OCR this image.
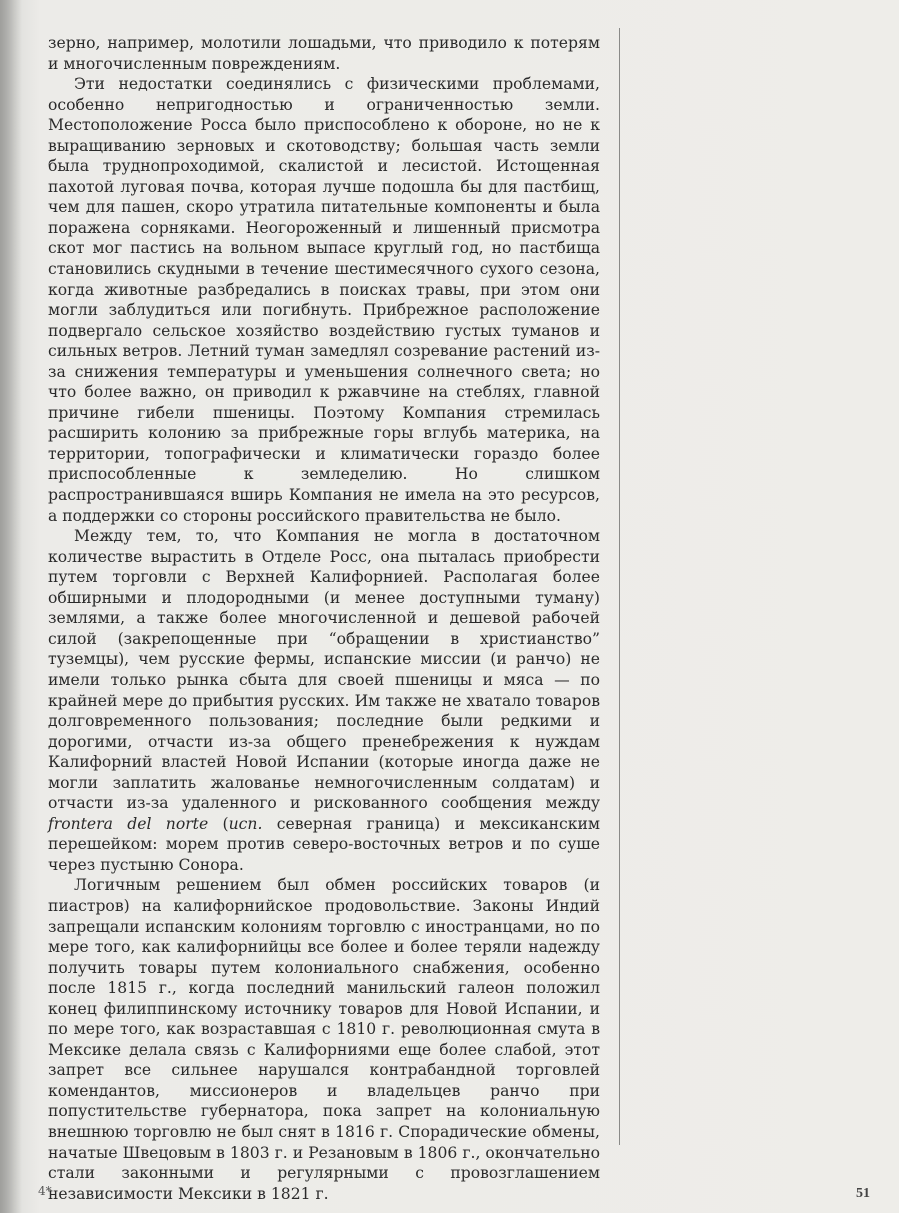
зерно, например, молотили лошадьми, что приводило к потерям и многочисленным повреждениям.

Эти недостатки соединялись с физическими проблемами, особенно непригодностью и ограниченностью земли. Местоположение Росса было приспособлено к обороне, но не к выращиванию зерновых и скотоводству; большая часть земли была труднопроходимой, скалистой и лесистой. Истощенная пахотой луговая почва, которая лучше подошла бы для пастбищ, чем для пашен, скоро утратила питательные компоненты и была поражена сорняками. Неогороженный и лишенный присмотра скот мог пастись на вольном выпасе круглый год, но пастбища становились скудными в течение шестимесячного сухого сезона, когда животные разбредались в поисках травы, при этом они могли заблудиться или погибнуть. Прибрежное расположение подвергало сельское хозяйство воздействию густых туманов и сильных ветров. Летний туман замедлял созревание растений из-за снижения температуры и уменьшения солнечного света; но что более важно, он приводил к ржавчине на стеблях, главной причине гибели пшеницы. Поэтому Компания стремилась расширить колонию за прибрежные горы вглубь материка, на территории, топографически и климатически гораздо более приспособленные к земледелию. Но слишком распространившаяся вширь Компания не имела на это ресурсов, а поддержки со стороны российского правительства не было.

Между тем, то, что Компания не могла в достаточном количестве вырастить в Отделе Росс, она пыталась приобрести путем торговли с Верхней Калифорнией. Располагая более обширными и плодородными (и менее доступными туману) землями, а также более многочисленной и дешевой рабочей силой (закрепощенные при “обращении в христианство” туземцы), чем русские фермы, испанские миссии (и ранчо) не имели только рынка сбыта для своей пшеницы и мяса — по крайней мере до прибытия русских. Им также не хватало товаров долговременного пользования; последние были редкими и дорогими, отчасти из-за общего пренебрежения к нуждам Калифорний властей Новой Испании (которые иногда даже не могли заплатить жалованье немногочисленным солдатам) и отчасти из-за удаленного и рискованного сообщения между frontera del norte (исп. северная граница) и мексиканским перешейком: морем против северо-восточных ветров и по суше через пустыню Сонора.

Логичным решением был обмен российских товаров (и пиастров) на калифорнийское продовольствие. Законы Индий запрещали испанским колониям торговлю с иностранцами, но по мере того, как калифорнийцы все более и более теряли надежду получить товары путем колониального снабжения, особенно после 1815 г., когда последний манильский галеон положил конец филиппинскому источнику товаров для Новой Испании, и по мере того, как возраставшая с 1810 г. революционная смута в Мексике делала связь с Калифорниями еще более слабой, этот запрет все сильнее нарушался контрабандной торговлей комендантов, миссионеров и владельцев ранчо при попустительстве губернатора, пока запрет на колониальную внешнюю торговлю не был снят в 1816 г. Спорадические обмены, начатые Швецовым в 1803 г. и Резановым в 1806 г., окончательно стали законными и регулярными с провозглашением независимости Мексики в 1821 г.

4*	51
